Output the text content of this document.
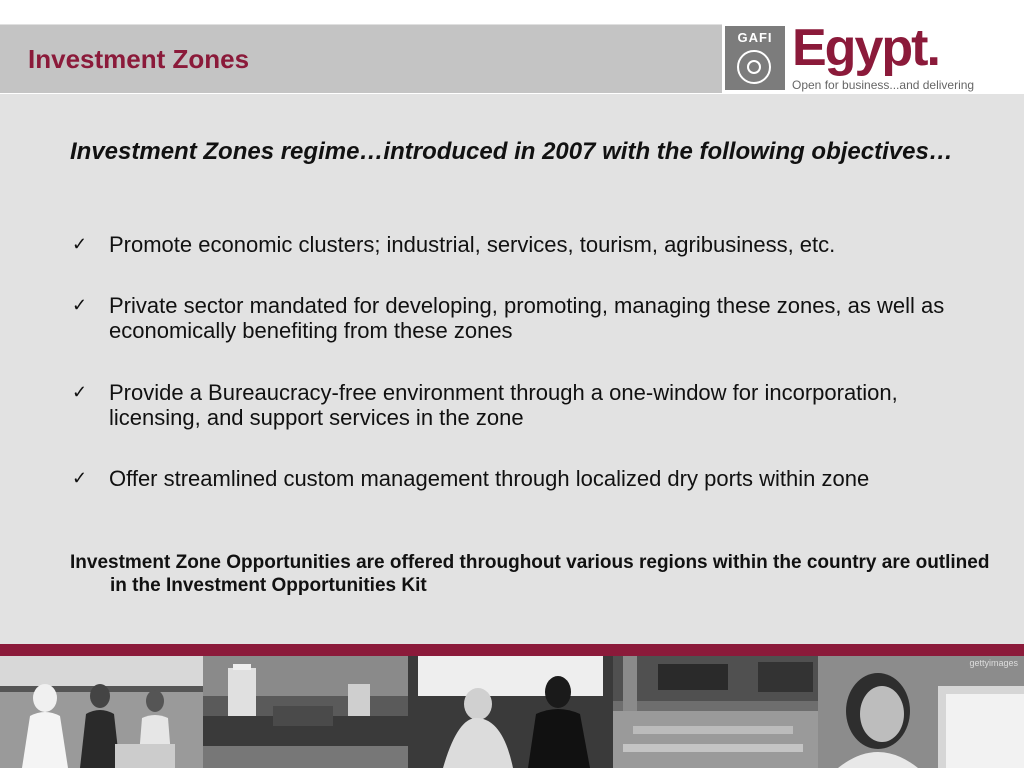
Investment Zones
GAFI Egypt.
Open for business...and delivering
Investment Zones regime…introduced in 2007 with the following objectives…
✓ Promote economic clusters; industrial, services, tourism, agribusiness, etc.
✓ Private sector mandated for developing, promoting, managing these zones, as well as economically benefiting from these zones
✓ Provide a Bureaucracy-free environment through a one-window for incorporation, licensing, and support services in the zone
✓ Offer streamlined custom management through localized dry ports within zone
Investment Zone Opportunities are offered throughout various regions within the country are outlined in the Investment Opportunities Kit
gettyimages
